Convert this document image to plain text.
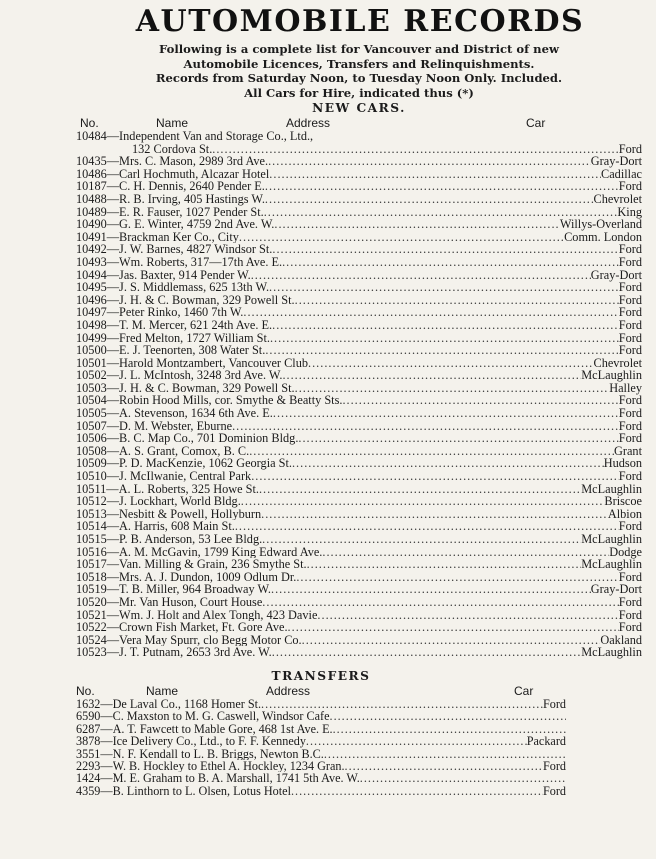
AUTOMOBILE RECORDS
Following is a complete list for Vancouver and District of new
Automobile Licences, Transfers and Relinquishments.
Records from Saturday Noon, to Tuesday Noon Only. Included.
All Cars for Hire, indicated thus (*)
NEW CARS.
No.	Name	Address	Car
10484 — Independent Van and Storage Co., Ltd.,
132 Cordova St. .....	Ford
10435 — Mrs. C. Mason, 2989 3rd Ave. .....	Gray-Dort
10486 — Carl Hochmuth, Alcazar Hotel .....	Cadillac
10187 — C. H. Dennis, 2640 Pender E. .....	Ford
10488 — R. B. Irving, 405 Hastings W. .....	Chevrolet
10489 — E. R. Fauser, 1027 Pender St. .....	King
10490 — G. E. Winter, 4759 2nd Ave. W. .....	Willys-Overland
10491 — Brackman Ker Co., City .....	Comm. London
10492 — J. W. Barnes, 4827 Windsor St. .....	Ford
10493 — Wm. Roberts, 317—17th Ave. E. .....	Ford
10494 — Jas. Baxter, 914 Pender W. .....	Gray-Dort
10495 — J. S. Middlemass, 625 13th W. .....	Ford
10496 — J. H. & C. Bowman, 329 Powell St. .....	Ford
10497 — Peter Rinko, 1460 7th W. .....	Ford
10498 — T. M. Mercer, 621 24th Ave. E. .....	Ford
10499 — Fred Melton, 1727 William St. .....	Ford
10500 — E. J. Teenorten, 308 Water St. .....	Ford
10501 — Harold Montzambert, Vancouver Club .....	Chevrolet
10502 — J. L. McIntosh, 3248 3rd Ave. W. .....	McLaughlin
10503 — J. H. & C. Bowman, 329 Powell St. .....	Halley
10504 — Robin Hood Mills, cor. Smythe & Beatty Sts. .....	Ford
10505 — A. Stevenson, 1634 6th Ave. E. .....	Ford
10507 — D. M. Webster, Eburne .....	Ford
10506 — B. C. Map Co., 701 Dominion Bldg. .....	Ford
10508 — A. S. Grant, Comox, B. C. .....	Grant
10509 — P. D. MacKenzie, 1062 Georgia St. .....	Hudson
10510 — J. McIlwanie, Central Park .....	Ford
10511 — A. L. Roberts, 325 Howe St. .....	McLaughlin
10512 — J. Lockhart, World Bldg. .....	Briscoe
10513 — Nesbitt & Powell, Hollyburn .....	Albion
10514 — A. Harris, 608 Main St. .....	Ford
10515 — P. B. Anderson, 53 Lee Bldg. .....	McLaughlin
10516 — A. M. McGavin, 1799 King Edward Ave. .....	Dodge
10517 — Van. Milling & Grain, 236 Smythe St. .....	McLaughlin
10518 — Mrs. A. J. Dundon, 1009 Odlum Dr. .....	Ford
10519 — T. B. Miller, 964 Broadway W. .....	Gray-Dort
10520 — Mr. Van Huson, Court House .....	Ford
10521 — Wm. J. Holt and Alex Tongh, 423 Davie .....	Ford
10522 — Crown Fish Market, Ft. Gore Ave. .....	Ford
10524 — Vera May Spurr, clo Begg Motor Co. .....	Oakland
10523 — J. T. Putnam, 2653 3rd Ave. W. .....	McLaughlin
TRANSFERS
No.	Name	Address	Car
1632 — De Laval Co., 1168 Homer St. .....	Ford
6590 — C. Maxston to M. G. Caswell, Windsor Cafe
.....
6287 — A. T. Fawcett to Mable Gore, 468 1st Ave. E.
.....
3878 — Ice Delivery Co., Ltd., to F. F. Kennedy .....	Packard
3551 — N. F. Kendall to L. B. Briggs, Newton B.C.
.....
2293 — W. B. Hockley to Ethel A. Hockley, 1234 Gran. .....	Ford
1424 — M. E. Graham to B. A. Marshall, 1741 5th Ave. W.
.....
4359 — B. Linthorn to L. Olsen, Lotus Hotel .....	Ford
